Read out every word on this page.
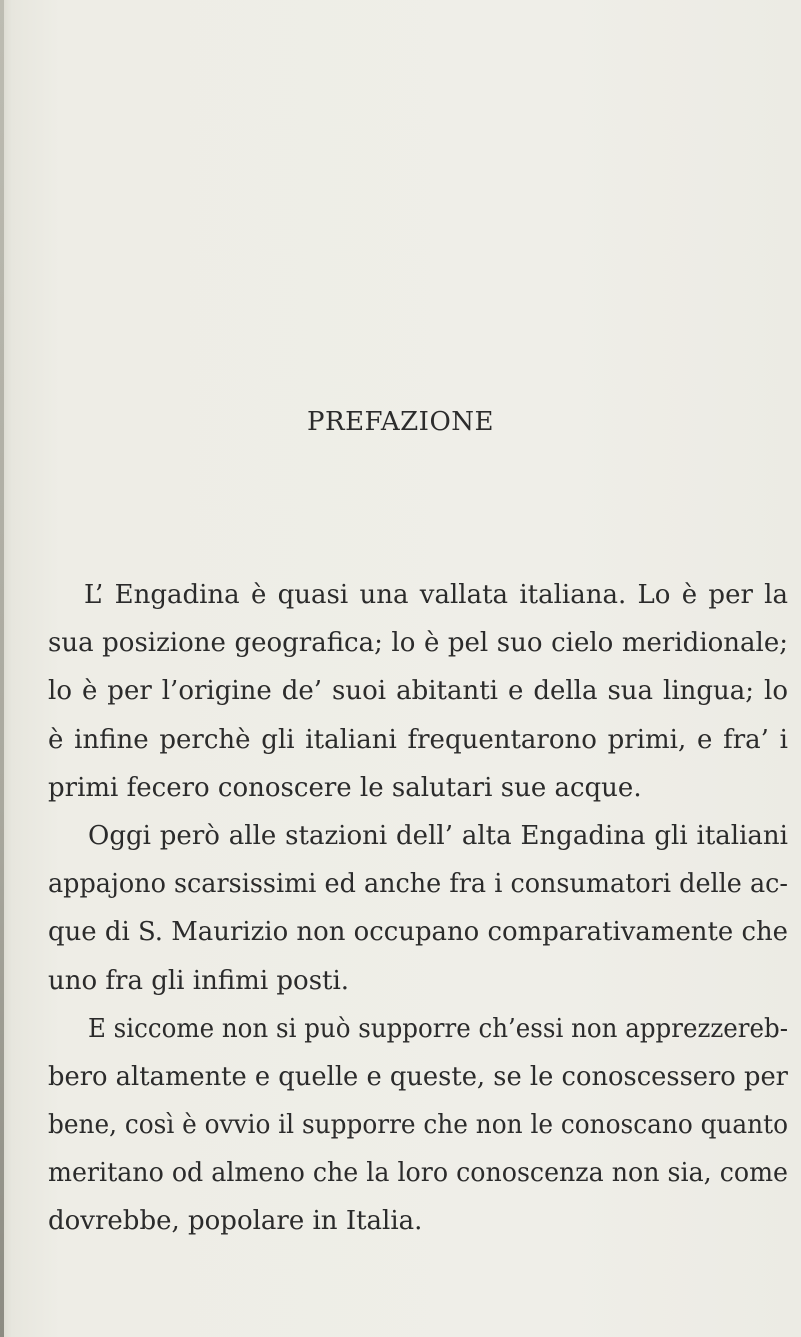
PREFAZIONE
L’ Engadina è quasi una vallata italiana. Lo è per la
sua posizione geografica; lo è pel suo cielo meridionale;
lo è per l’origine de’ suoi abitanti e della sua lingua; lo
è infine perchè gli italiani frequentarono primi, e fra’ i
primi fecero conoscere le salutari sue acque.
Oggi però alle stazioni dell’ alta Engadina gli italiani
appajono scarsissimi ed anche fra i consumatori delle ac-
que di S. Maurizio non occupano comparativamente che
uno fra gli infimi posti.
E siccome non si può supporre ch’essi non apprezzereb-
bero altamente e quelle e queste, se le conoscessero per
bene, così è ovvio il supporre che non le conoscano quanto
meritano od almeno che la loro conoscenza non sia, come
dovrebbe, popolare in Italia.
